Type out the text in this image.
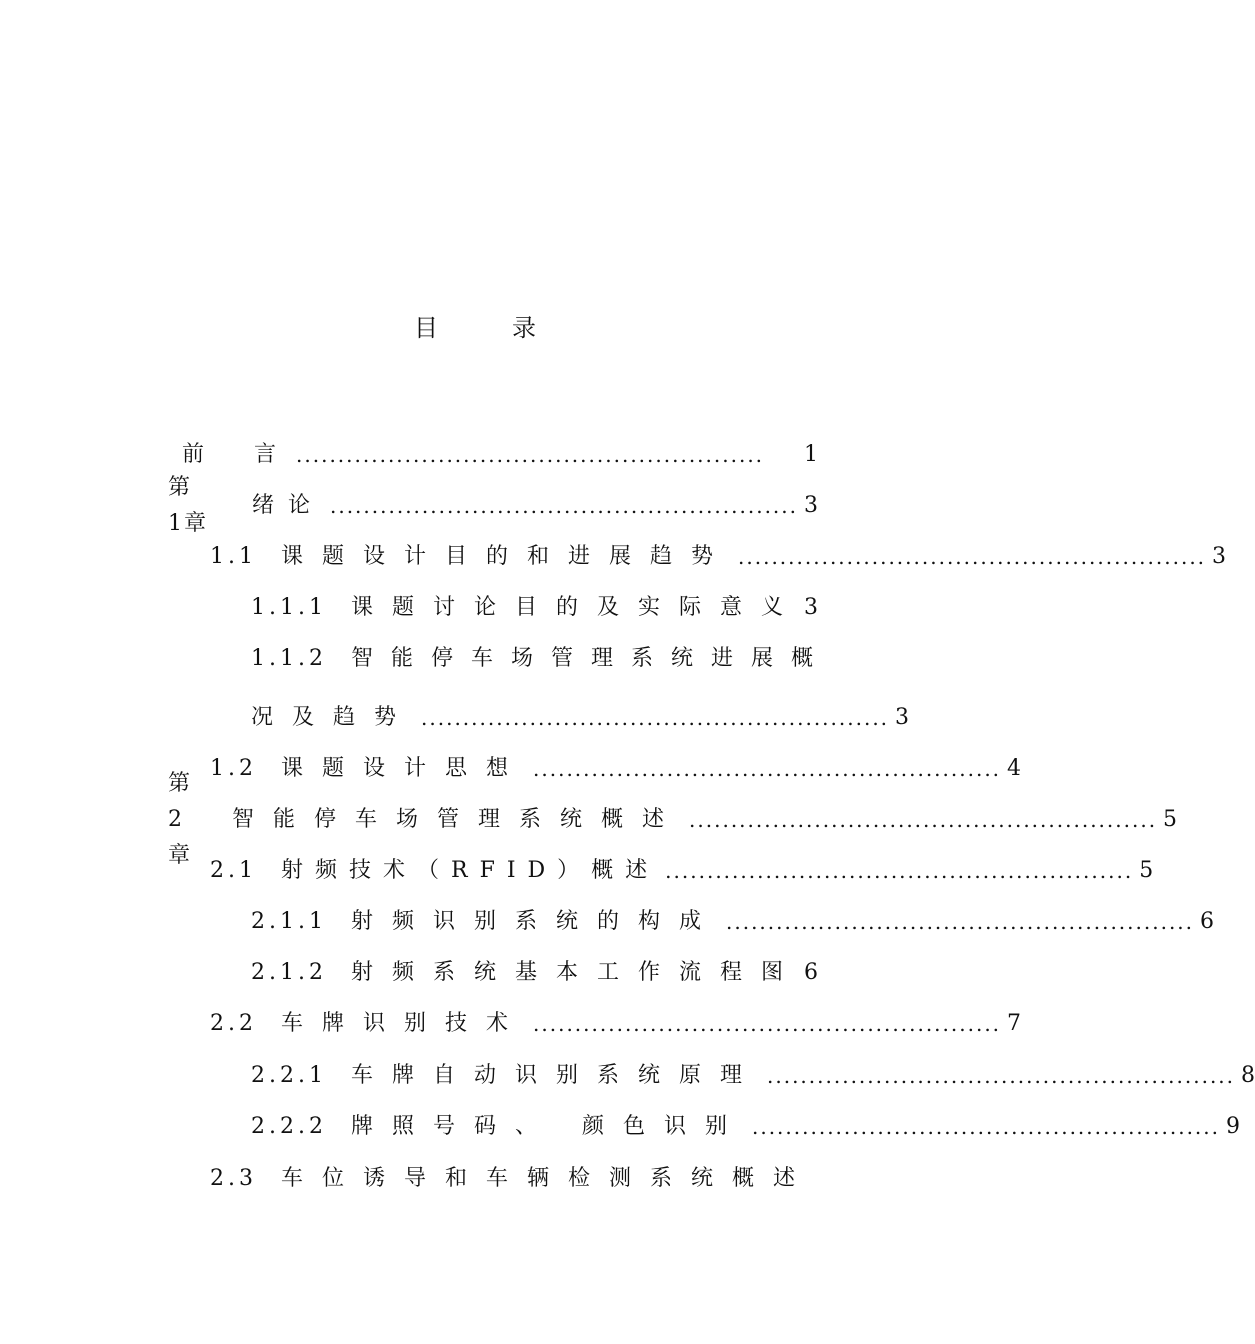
目	录
前　言 ........................................................	1
第 1章
绪论 ........................................................ 3
1.1 课题设计目的和进展趋势 ........................................................ 3
1.1.1 课题讨论目的及实际意义 3
1.1.2 智能停车场管理系统进展概
况及趋势 ........................................................ 3
1.2 课题设计思想 ........................................................ 4
第 2章
智能停车场管理系统概述 ........................................................ 5
2.1 射频技术（RFID）概述 ........................................................ 5
2.1.1 射频识别系统的构成 ........................................................ 6
2.1.2 射频系统基本工作流程图 6
2.2 车牌识别技术 ........................................................ 7
2.2.1 车牌自动识别系统原理 ........................................................ 8
2.2.2 牌照号码、 颜色识别 ........................................................ 9
2.3 车位诱导和车辆检测系统概述
